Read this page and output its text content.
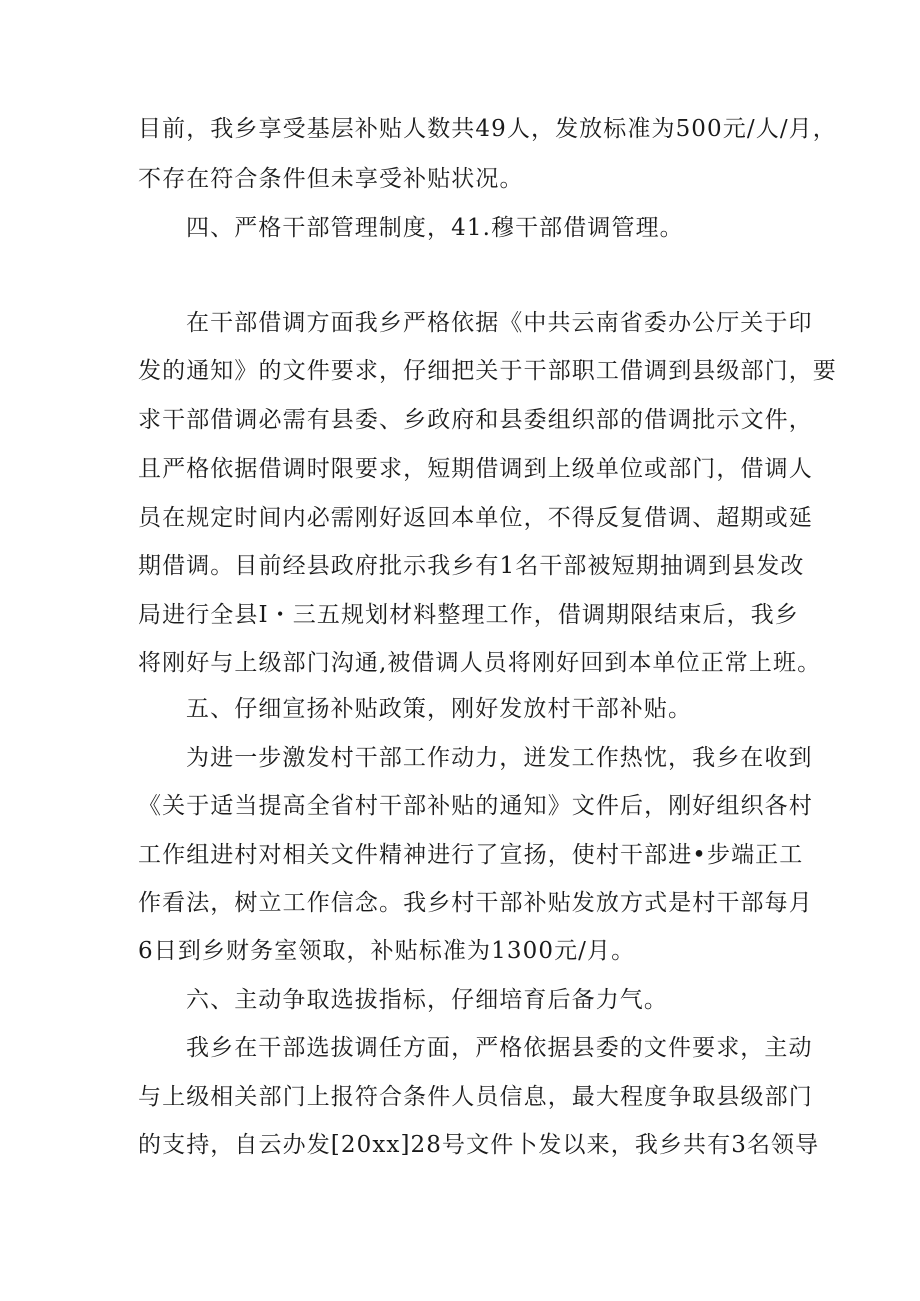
目前，我乡享受基层补贴人数共49人，发放标准为500元/人/月，
不存在符合条件但未享受补贴状况。
四、严格干部管理制度，41.穆干部借调管理。
在干部借调方面我乡严格依据《中共云南省委办公厅关于印
发的通知》的文件要求，仔细把关于干部职工借调到县级部门，要
求干部借调必需有县委、乡政府和县委组织部的借调批示文件，
且严格依据借调时限要求，短期借调到上级单位或部门，借调人
员在规定时间内必需刚好返回本单位，不得反复借调、超期或延
期借调。目前经县政府批示我乡有1名干部被短期抽调到县发改
局进行全县I・三五规划材料整理工作，借调期限结束后，我乡
将刚好与上级部门沟通,被借调人员将刚好回到本单位正常上班。
五、仔细宣扬补贴政策，刚好发放村干部补贴。
为进一步激发村干部工作动力，迸发工作热忱，我乡在收到
《关于适当提高全省村干部补贴的通知》文件后，刚好组织各村
工作组进村对相关文件精神进行了宣扬，使村干部进•步端正工
作看法，树立工作信念。我乡村干部补贴发放方式是村干部每月
6日到乡财务室领取，补贴标准为1300元/月。
六、主动争取选拔指标，仔细培育后备力气。
我乡在干部选拔调任方面，严格依据县委的文件要求，主动
与上级相关部门上报符合条件人员信息，最大程度争取县级部门
的支持，自云办发[20xx]28号文件卜发以来，我乡共有3名领导
